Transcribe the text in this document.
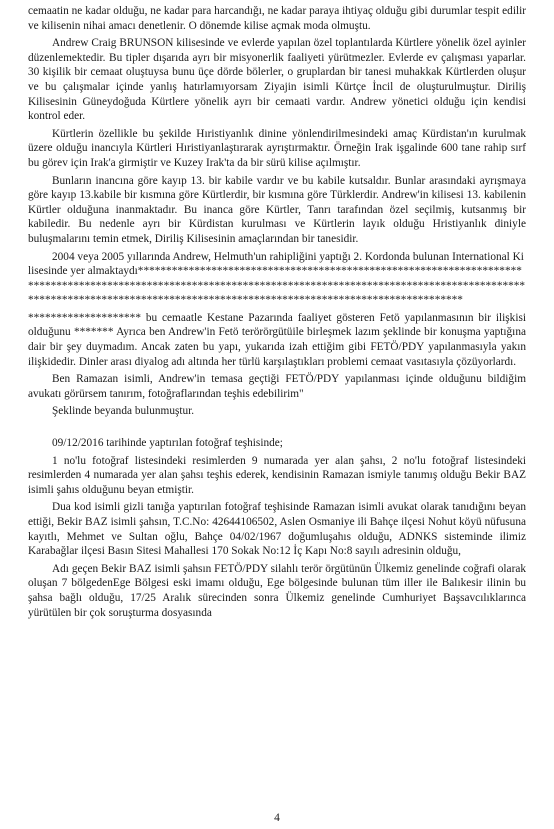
cemaatin ne kadar olduğu, ne kadar para harcandığı, ne kadar paraya ihtiyaç olduğu gibi durumlar tespit edilir ve kilisenin nihai amacı denetlenir. O dönemde kilise açmak moda olmuştu.

Andrew Craig BRUNSON kilisesinde ve evlerde yapılan özel toplantılarda Kürtlere yönelik özel ayinler düzenlemektedir. Bu tipler dışarıda ayrı bir misyonerlik faaliyeti yürütmezler. Evlerde ev çalışması yaparlar. 30 kişilik bir cemaat oluştuysa bunu üçe dörde bölerler, o gruplardan bir tanesi muhakkak Kürtlerden oluşur ve bu çalışmalar içinde yanlış hatırlamıyorsam Ziyajin isimli Kürtçe İncil de oluşturulmuştur. Diriliş Kilisesinin Güneydoğuda Kürtlere yönelik ayrı bir cemaati vardır. Andrew yönetici olduğu için kendisi kontrol eder.

Kürtlerin özellikle bu şekilde Hıristiyanlık dinine yönlendirilmesindeki amaç Kürdistan'ın kurulmak üzere olduğu inancıyla Kürtleri Hıristiyanlaştırarak ayrıştırmaktır. Örneğin Irak işgalinde 600 tane rahip sırf bu görev için Irak'a girmiştir ve Kuzey Irak'ta da bir sürü kilise açılmıştır.

Bunların inancına göre kayıp 13. bir kabile vardır ve bu kabile kutsaldır. Bunlar arasındaki ayrışmaya göre kayıp 13.kabile bir kısmına göre Kürtlerdir, bir kısmına göre Türklerdir. Andrew'in kilisesi 13. kabilenin Kürtler olduğuna inanmaktadır. Bu inanca göre Kürtler, Tanrı tarafından özel seçilmiş, kutsanmış bir kabiledir. Bu nedenle ayrı bir Kürdistan kurulması ve Kürtlerin layık olduğu Hristiyanlık diniyle buluşmalarını temin etmek, Diriliş Kilisesinin amaçlarından bir tanesidir.

2004 veya 2005 yıllarında Andrew, Helmuth'un rahipliğini yaptığı 2. Kordonda bulunan International Kilisesinde yer almaktaydı*****************************************************************************************************************************************************************************************************************************************

******************** bu cemaatle Kestane Pazarında faaliyet gösteren Fetö yapılanmasının bir ilişkisi olduğunu ******* Ayrıca ben Andrew'in Fetö terörörgütüile birleşmek lazım şeklinde bir konuşma yaptığına dair bir şey duymadım. Ancak zaten bu yapı, yukarıda izah ettiğim gibi FETÖ/PDY yapılanmasıyla yakın ilişkidedir. Dinler arası diyalog adı altında her türlü karşılaştıkları problemi cemaat vasıtasıyla çözüyorlardı.

Ben Ramazan isimli, Andrew'in temasa geçtiği FETÖ/PDY yapılanması içinde olduğunu bildiğim avukatı görürsem tanırım, fotoğraflarından teşhis edebilirim"

Şeklinde beyanda bulunmuştur.

09/12/2016 tarihinde yaptırılan fotoğraf teşhisinde;

1 no'lu fotoğraf listesindeki resimlerden 9 numarada yer alan şahsı, 2 no'lu fotoğraf listesindeki resimlerden 4 numarada yer alan şahsı teşhis ederek, kendisinin Ramazan ismiyle tanımış olduğu Bekir BAZ isimli şahıs olduğunu beyan etmiştir.

Dua kod isimli gizli tanığa yaptırılan fotoğraf teşhisinde Ramazan isimli avukat olarak tanıdığını beyan ettiği, Bekir BAZ isimli şahsın, T.C.No: 42644106502, Aslen Osmaniye ili Bahçe ilçesi Nohut köyü nüfusuna kayıtlı, Mehmet ve Sultan oğlu, Bahçe 04/02/1967 doğumluşahıs olduğu, ADNKS sisteminde ilimiz Karabağlar ilçesi Basın Sitesi Mahallesi 170 Sokak No:12 İç Kapı No:8 sayılı adresinin olduğu,

Adı geçen Bekir BAZ isimli şahsın FETÖ/PDY silahlı terör örgütünün Ülkemiz genelinde coğrafi olarak oluşan 7 bölgedenEge Bölgesi eski imamı olduğu, Ege bölgesinde bulunan tüm iller ile Balıkesir ilinin bu şahsa bağlı olduğu, 17/25 Aralık sürecinden sonra Ülkemiz genelinde Cumhuriyet Başsavcılıklarınca yürütülen bir çok soruşturma dosyasında

4
